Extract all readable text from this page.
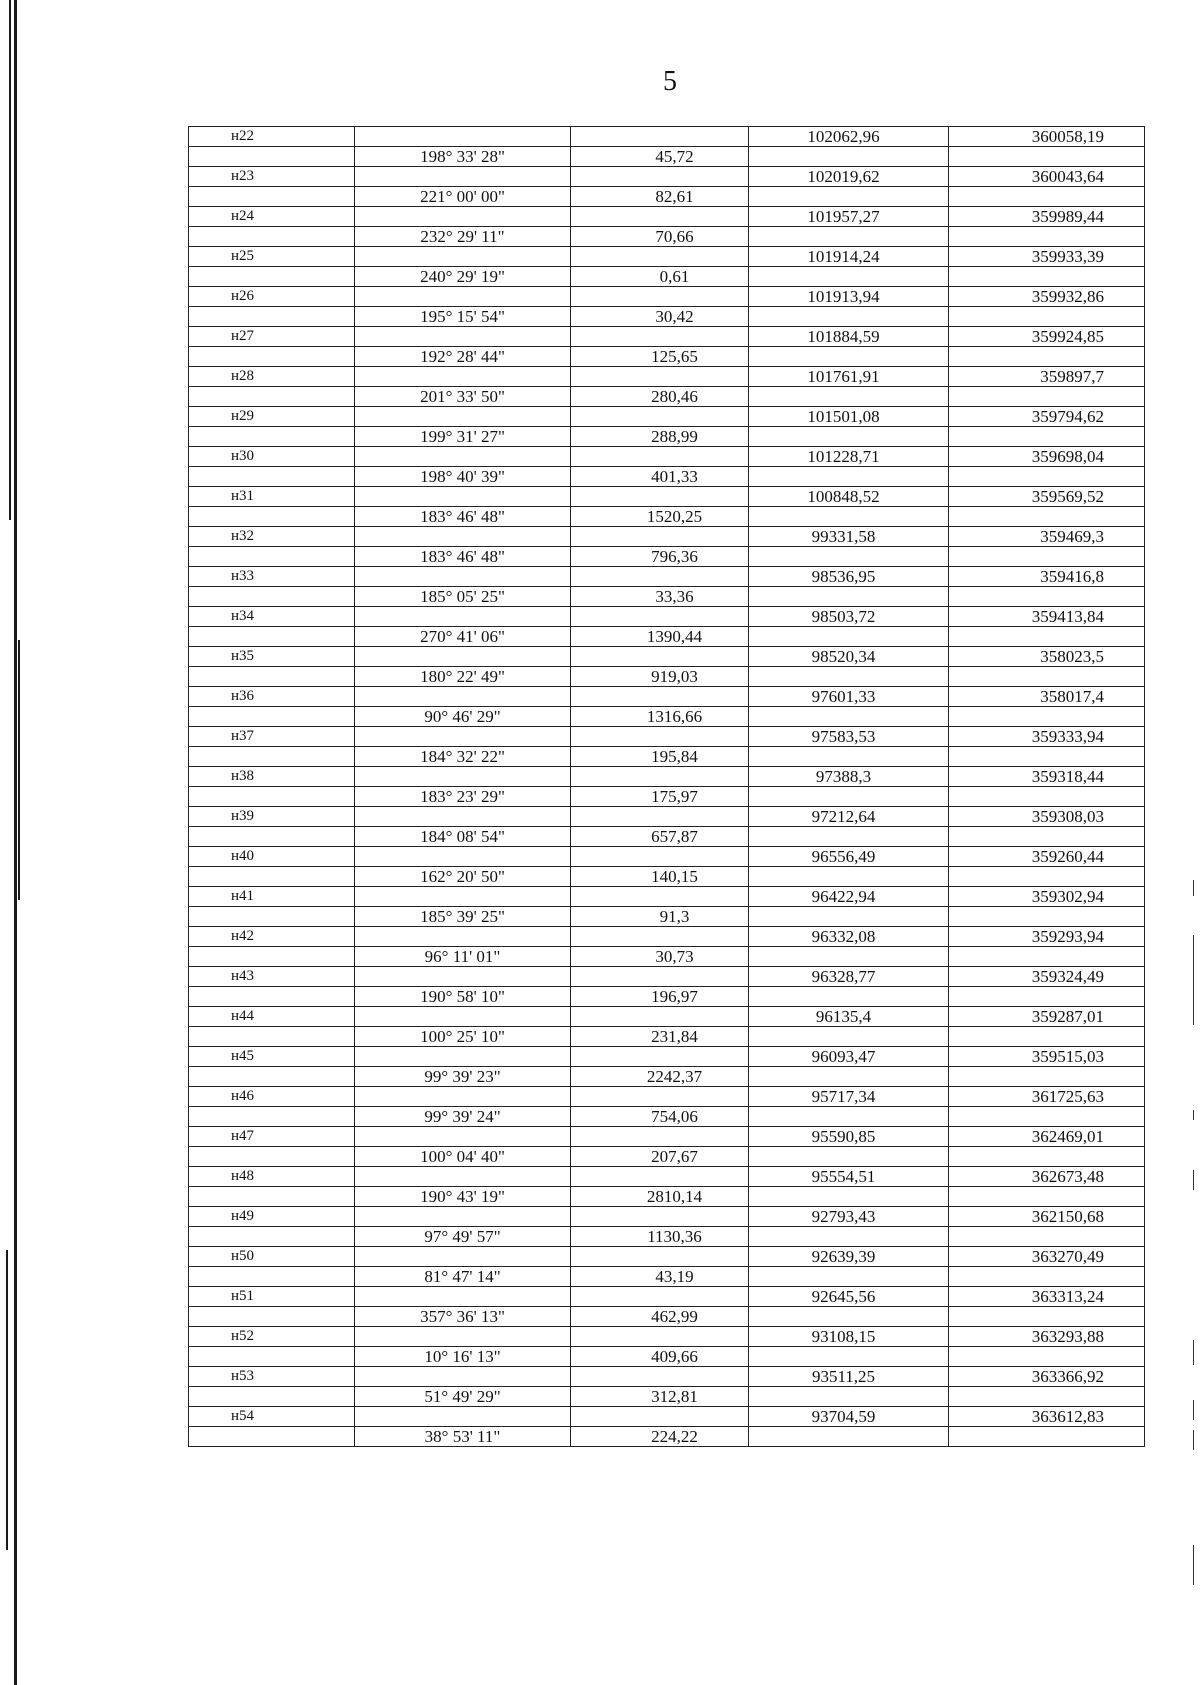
5
н22			102062,96	360058,19
	198° 33' 28"	45,72		
н23			102019,62	360043,64
	221° 00' 00"	82,61		
н24			101957,27	359989,44
	232° 29' 11"	70,66		
н25			101914,24	359933,39
	240° 29' 19"	0,61		
н26			101913,94	359932,86
	195° 15' 54"	30,42		
н27			101884,59	359924,85
	192° 28' 44"	125,65		
н28			101761,91	359897,7
	201° 33' 50"	280,46		
н29			101501,08	359794,62
	199° 31' 27"	288,99		
н30			101228,71	359698,04
	198° 40' 39"	401,33		
н31			100848,52	359569,52
	183° 46' 48"	1520,25		
н32			99331,58	359469,3
	183° 46' 48"	796,36		
н33			98536,95	359416,8
	185° 05' 25"	33,36		
н34			98503,72	359413,84
	270° 41' 06"	1390,44		
н35			98520,34	358023,5
	180° 22' 49"	919,03		
н36			97601,33	358017,4
	90° 46' 29"	1316,66		
н37			97583,53	359333,94
	184° 32' 22"	195,84		
н38			97388,3	359318,44
	183° 23' 29"	175,97		
н39			97212,64	359308,03
	184° 08' 54"	657,87		
н40			96556,49	359260,44
	162° 20' 50"	140,15		
н41			96422,94	359302,94
	185° 39' 25"	91,3		
н42			96332,08	359293,94
	96° 11' 01"	30,73		
н43			96328,77	359324,49
	190° 58' 10"	196,97		
н44			96135,4	359287,01
	100° 25' 10"	231,84		
н45			96093,47	359515,03
	99° 39' 23"	2242,37		
н46			95717,34	361725,63
	99° 39' 24"	754,06		
н47			95590,85	362469,01
	100° 04' 40"	207,67		
н48			95554,51	362673,48
	190° 43' 19"	2810,14		
н49			92793,43	362150,68
	97° 49' 57"	1130,36		
н50			92639,39	363270,49
	81° 47' 14"	43,19		
н51			92645,56	363313,24
	357° 36' 13"	462,99		
н52			93108,15	363293,88
	10° 16' 13"	409,66		
н53			93511,25	363366,92
	51° 49' 29"	312,81		
н54			93704,59	363612,83
	38° 53' 11"	224,22		
